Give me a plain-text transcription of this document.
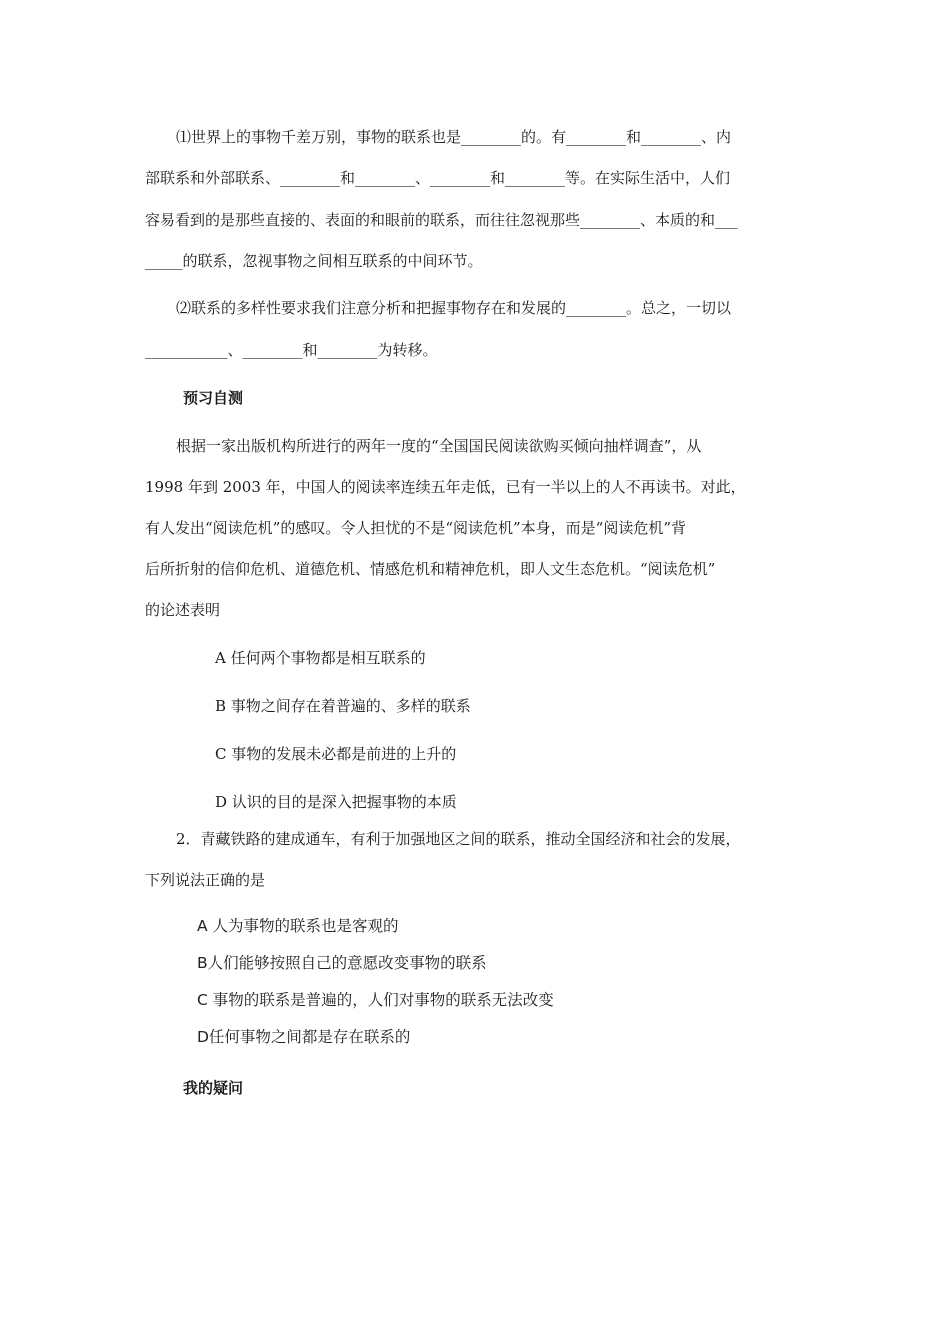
⑴世界上的事物千差万别，事物的联系也是________的。有________和________、内
部联系和外部联系、________和________、________和________等。在实际生活中，人们
容易看到的是那些直接的、表面的和眼前的联系，而往往忽视那些________、本质的和___
_____的联系，忽视事物之间相互联系的中间环节。
⑵联系的多样性要求我们注意分析和把握事物存在和发展的________。总之，一切以
___________、________和________为转移。
预习自测
根据一家出版机构所进行的两年一度的“全国国民阅读欲购买倾向抽样调查”，从
1998 年到 2003 年，中国人的阅读率连续五年走低，已有一半以上的人不再读书。对此，
有人发出“阅读危机”的感叹。令人担忧的不是“阅读危机”本身，而是“阅读危机”背
后所折射的信仰危机、道德危机、情感危机和精神危机，即人文生态危机。“阅读危机”
的论述表明
A 任何两个事物都是相互联系的
B 事物之间存在着普遍的、多样的联系
C 事物的发展未必都是前进的上升的
D 认识的目的是深入把握事物的本质
2．青藏铁路的建成通车，有利于加强地区之间的联系，推动全国经济和社会的发展，
下列说法正确的是
A 人为事物的联系也是客观的
B人们能够按照自己的意愿改变事物的联系
C 事物的联系是普遍的，人们对事物的联系无法改变
D任何事物之间都是存在联系的
我的疑问
